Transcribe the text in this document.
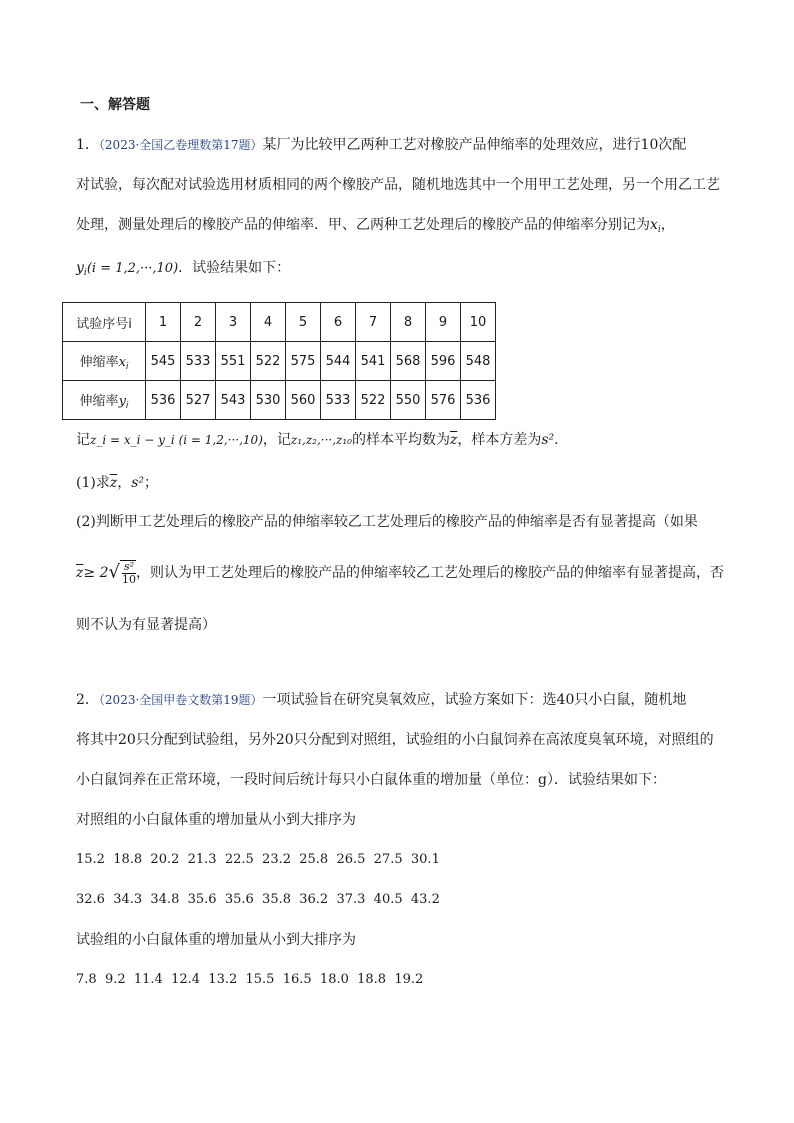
一、解答题
1．（2023·全国乙卷理数第17题）某厂为比较甲乙两种工艺对橡胶产品伸缩率的处理效应，进行10次配
对试验，每次配对试验选用材质相同的两个橡胶产品，随机地选其中一个用甲工艺处理，另一个用乙工艺
处理，测量处理后的橡胶产品的伸缩率．甲、乙两种工艺处理后的橡胶产品的伸缩率分别记为$x_i$，
$y_i(i = 1,2,\cdot\cdot\cdot,10)$．试验结果如下：
试验序号i	1	2	3	4	5	6	7	8	9	10
伸缩率$x_i$	545	533	551	522	575	544	541	568	596	548
伸缩率$y_i$	536	527	543	530	560	533	522	550	576	536
记z_i = x_i − y_i (i = 1,2,···,10)，记z₁,z₂,···,z₁₀的样本平均数为$\overline{z}$，样本方差为s²．
(1)求$\overline{z}$，s²；
(2)判断甲工艺处理后的橡胶产品的伸缩率较乙工艺处理后的橡胶产品的伸缩率是否有显著提高（如果
$\overline{z}\ge 2√ \frac{\text{s²}}{10}$ ，则认为甲工艺处理后的橡胶产品的伸缩率较乙工艺处理后的橡胶产品的伸缩率有显著提高，否
则不认为有显著提高）
2．（2023·全国甲卷文数第19题）一项试验旨在研究臭氧效应，试验方案如下：选40只小白鼠，随机地
将其中20只分配到试验组，另外20只分配到对照组，试验组的小白鼠饲养在高浓度臭氧环境，对照组的
小白鼠饲养在正常环境，一段时间后统计每只小白鼠体重的增加量（单位：g）．试验结果如下：
对照组的小白鼠体重的增加量从小到大排序为
15.2  18.8  20.2  21.3  22.5  23.2  25.8  26.5  27.5  30.1
32.6  34.3  34.8  35.6  35.6  35.8  36.2  37.3  40.5  43.2
试验组的小白鼠体重的增加量从小到大排序为
7.8  9.2  11.4  12.4  13.2  15.5  16.5  18.0  18.8  19.2
